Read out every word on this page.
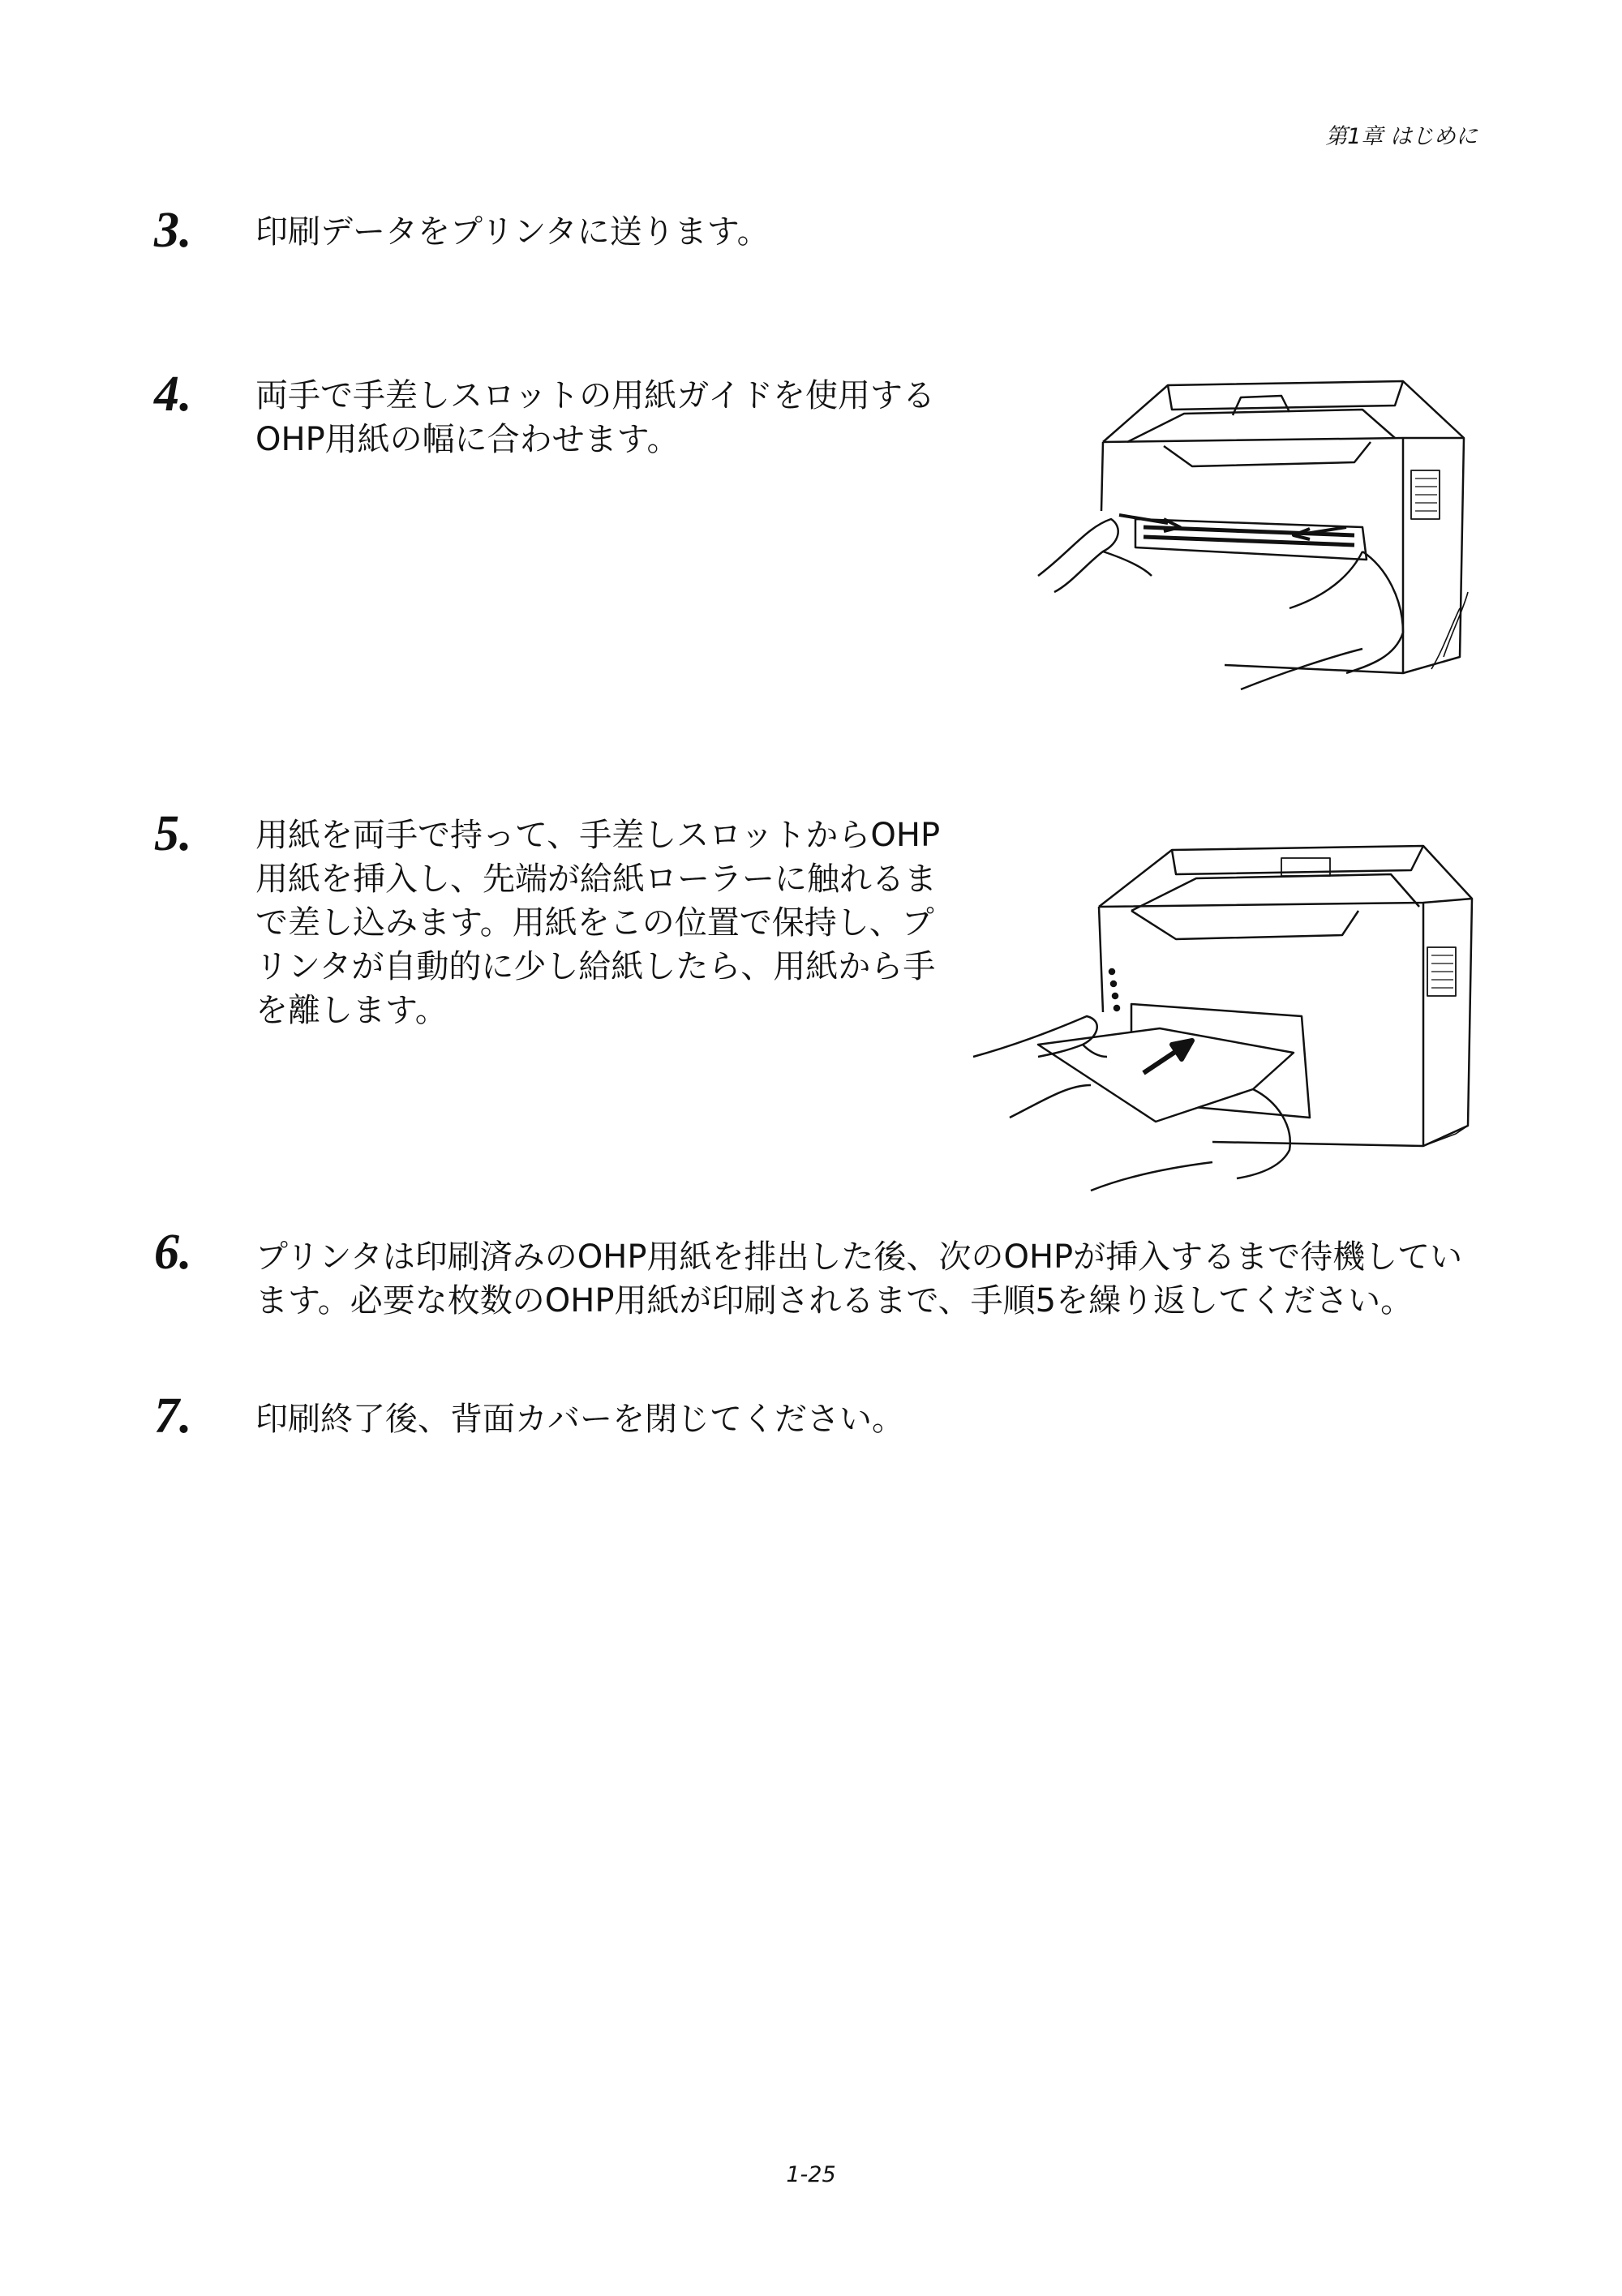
第1章 はじめに
3. 印刷データをプリンタに送ります。
4. 両手で手差しスロットの用紙ガイドを使用する
OHP用紙の幅に合わせます。
5. 用紙を両手で持って、手差しスロットからOHP
用紙を挿入し、先端が給紙ローラーに触れるま
で差し込みます。用紙をこの位置で保持し、プ
リンタが自動的に少し給紙したら、用紙から手
を離します。
6. プリンタは印刷済みのOHP用紙を排出した後、次のOHPが挿入するまで待機してい
ます。必要な枚数のOHP用紙が印刷されるまで、手順5を繰り返してください。
7. 印刷終了後、背面カバーを閉じてください。
1-25
